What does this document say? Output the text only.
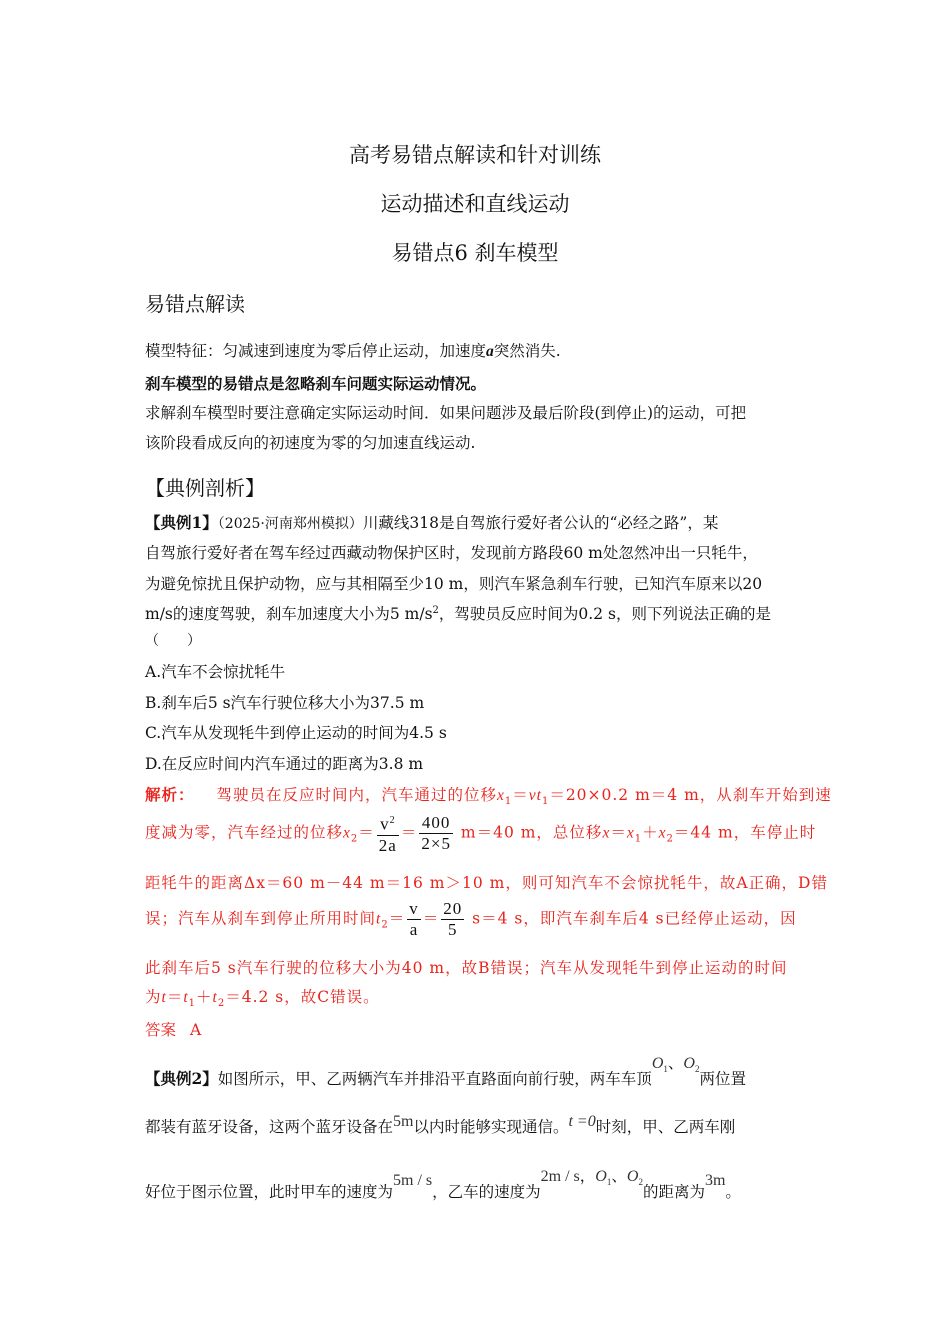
高考易错点解读和针对训练
运动描述和直线运动
易错点6 刹车模型
易错点解读
模型特征：匀减速到速度为零后停止运动，加速度a突然消失.
刹车模型的易错点是忽略刹车问题实际运动情况。
求解刹车模型时要注意确定实际运动时间．如果问题涉及最后阶段(到停止)的运动，可把
该阶段看成反向的初速度为零的匀加速直线运动.
【典例剖析】
【典例1】（2025·河南郑州模拟）川藏线318是自驾旅行爱好者公认的“必经之路”，某
自驾旅行爱好者在驾车经过西藏动物保护区时，发现前方路段60 m处忽然冲出一只牦牛，
为避免惊扰且保护动物，应与其相隔至少10 m，则汽车紧急刹车行驶，已知汽车原来以20
m/s的速度驾驶，刹车加速度大小为5 $m/s^2$，驾驶员反应时间为0.2 s，则下列说法正确的是
（　　）
A.汽车不会惊扰牦牛
B.刹车后5 s汽车行驶位移大小为37.5 m
C.汽车从发现牦牛到停止运动的时间为4.5 s
D.在反应时间内汽车通过的距离为3.8 m
解析： 驾驶员在反应时间内，汽车通过的位移$x_1=vt_1=20\times 0.2$ m＝4 m，从刹车开始到速
度减为零，汽车经过的位移$x_2= \frac{v^2}{2a} = \frac{400}{2\times 5} m=40$ m，总位移$x=x_1+x_2=44$ m，车停止时
距牦牛的距离Δx＝60 m－44 m＝16 m＞10 m，则可知汽车不会惊扰牦牛，故A正确，D错
误；汽车从刹车到停止所用时间$t_2= \frac{v}{a} = \frac{20}{5} s=4$ s，即汽车刹车后4 s已经停止运动，因
此刹车后5 s汽车行驶的位移大小为40 m，故B错误；汽车从发现牦牛到停止运动的时间
为$t=t_1+t_2=4.2$ s，故C错误。
答案 A
【典例2】如图所示，甲、乙两辆汽车并排沿平直路面向前行驶，两车车顶$O_1$、$O_2$两位置
都装有蓝牙设备，这两个蓝牙设备在5m以内时能够实现通信。t =0时刻，甲、乙两车刚
好位于图示位置，此时甲车的速度为5m / s，乙车的速度为2m / s，$O_1$、$O_2$的距离为3m。
